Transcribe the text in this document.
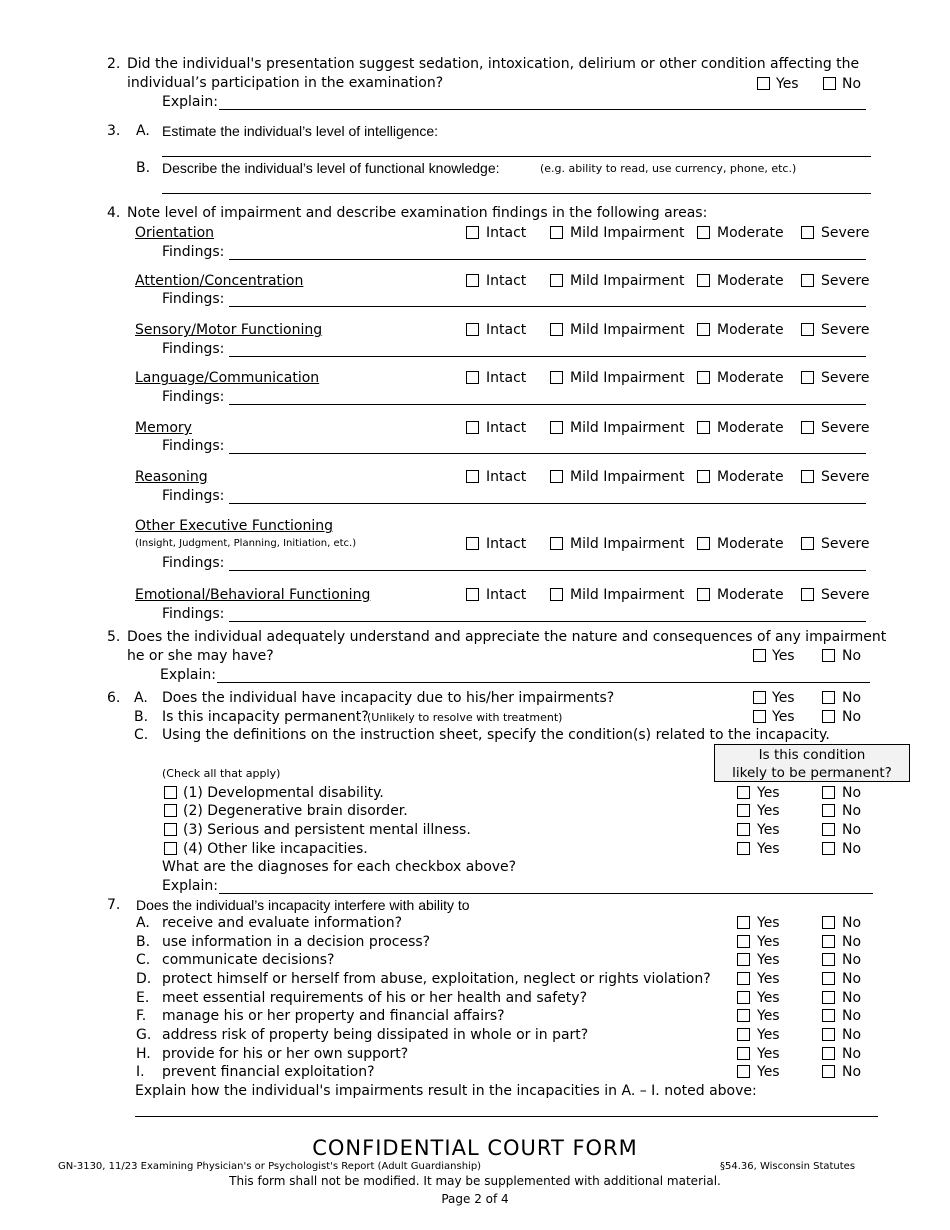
2. Did the individual's presentation suggest sedation, intoxication, delirium or other condition affecting the
individual’s participation in the examination?	Yes	No
Explain:
3. A. Estimate the individual’s level of intelligence:
B. Describe the individual’s level of functional knowledge:	(e.g. ability to read, use currency, phone, etc.)
4. Note level of impairment and describe examination findings in the following areas:
Orientation	Intact	Mild Impairment Moderate	Severe
Findings:
Attention/Concentration	Intact	Mild Impairment Moderate	Severe
Findings:
Sensory/Motor Functioning	Intact	Mild Impairment Moderate	Severe
Findings:
Language/Communication	Intact	Mild Impairment Moderate	Severe
Findings:
Memory	Intact	Mild Impairment Moderate	Severe
Findings:
Reasoning	Intact	Mild Impairment Moderate	Severe
Findings:
Other Executive Functioning
(Insight, Judgment, Planning, Initiation, etc.)	Intact	Mild Impairment Moderate	Severe
Findings:
Emotional/Behavioral Functioning	Intact	Mild Impairment Moderate	Severe
Findings:
5. Does the individual adequately understand and appreciate the nature and consequences of any impairment
he or she may have?	Yes	No
Explain:
6. A. Does the individual have incapacity due to his/her impairments?	Yes	No
B. Is this incapacity permanent?
(Unlikely to resolve with treatment)	Yes	No
C. Using the definitions on the instruction sheet, specify the condition(s) related to the incapacity.
Is this condition
likely to be permanent?
(Check all that apply)
(1) Developmental disability.	Yes	No
(2) Degenerative brain disorder.	Yes	No
(3) Serious and persistent mental illness.	Yes	No
(4) Other like incapacities.	Yes	No
What are the diagnoses for each checkbox above?
Explain:
7. Does the individual’s incapacity interfere with ability to
A. receive and evaluate information?	Yes	No
B. use information in a decision process?	Yes	No
C. communicate decisions?	Yes	No
D. protect himself or herself from abuse, exploitation, neglect or rights violation?	Yes	No
E. meet essential requirements of his or her health and safety?	Yes	No
F. manage his or her property and financial affairs?	Yes	No
G. address risk of property being dissipated in whole or in part?	Yes	No
H. provide for his or her own support?	Yes	No
I. prevent financial exploitation?	Yes	No
Explain how the individual's impairments result in the incapacities in A. – I. noted above:
CONFIDENTIAL COURT FORM
GN-3130, 11/23 Examining Physician's or Psychologist's Report (Adult Guardianship)	§54.36, Wisconsin Statutes
This form shall not be modified. It may be supplemented with additional material.
Page 2 of 4
